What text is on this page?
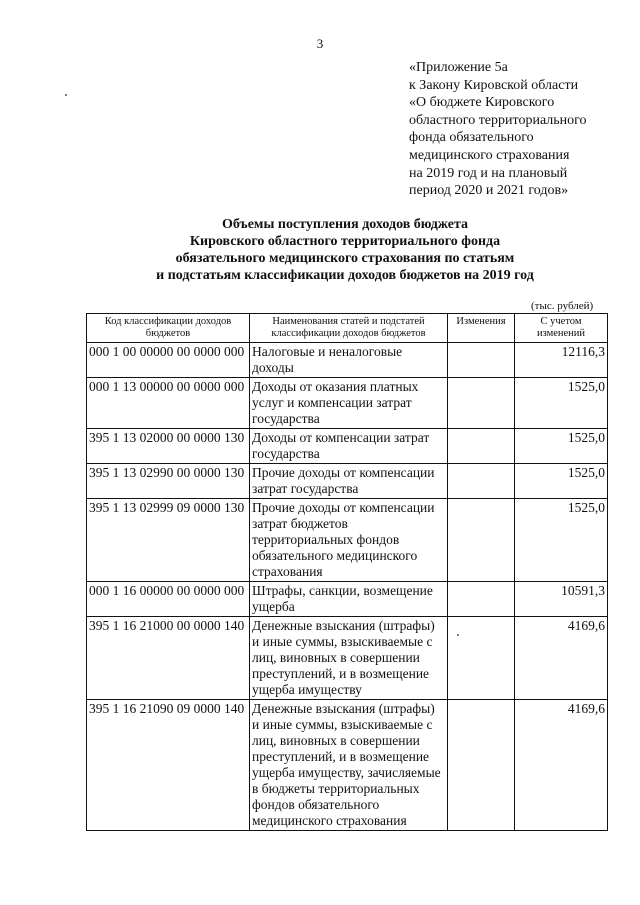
3
«Приложение 5а
к Закону Кировской области
«О бюджете Кировского
областного территориального
фонда обязательного
медицинского страхования
на 2019 год и на плановый
период 2020 и 2021 годов»
Объемы поступления доходов бюджета
Кировского областного территориального фонда
обязательного медицинского страхования по статьям
и подстатьям классификации доходов бюджетов на 2019 год
(тыс. рублей)
Код классификации доходов бюджетов	Наименования статей и подстатей классификации доходов бюджетов	Изменения	С учетом изменений
000 1 00 00000 00 0000 000	Налоговые и неналоговые доходы		12116,3
000 1 13 00000 00 0000 000	Доходы от оказания платных услуг и компенсации затрат государства		1525,0
395 1 13 02000 00 0000 130	Доходы от компенсации затрат государства		1525,0
395 1 13 02990 00 0000 130	Прочие доходы от компенсации затрат государства		1525,0
395 1 13 02999 09 0000 130	Прочие доходы от компенсации затрат бюджетов территориальных фондов обязательного медицинского страхования		1525,0
000 1 16 00000 00 0000 000	Штрафы, санкции, возмещение ущерба		10591,3
395 1 16 21000 00 0000 140	Денежные взыскания (штрафы) и иные суммы, взыскиваемые с лиц, виновных в совершении преступлений, и в возмещение ущерба имуществу		4169,6
395 1 16 21090 09 0000 140	Денежные взыскания (штрафы) и иные суммы, взыскиваемые с лиц, виновных в совершении преступлений, и в возмещение ущерба имуществу, зачисляемые в бюджеты территориальных фондов обязательного медицинского страхования		4169,6
